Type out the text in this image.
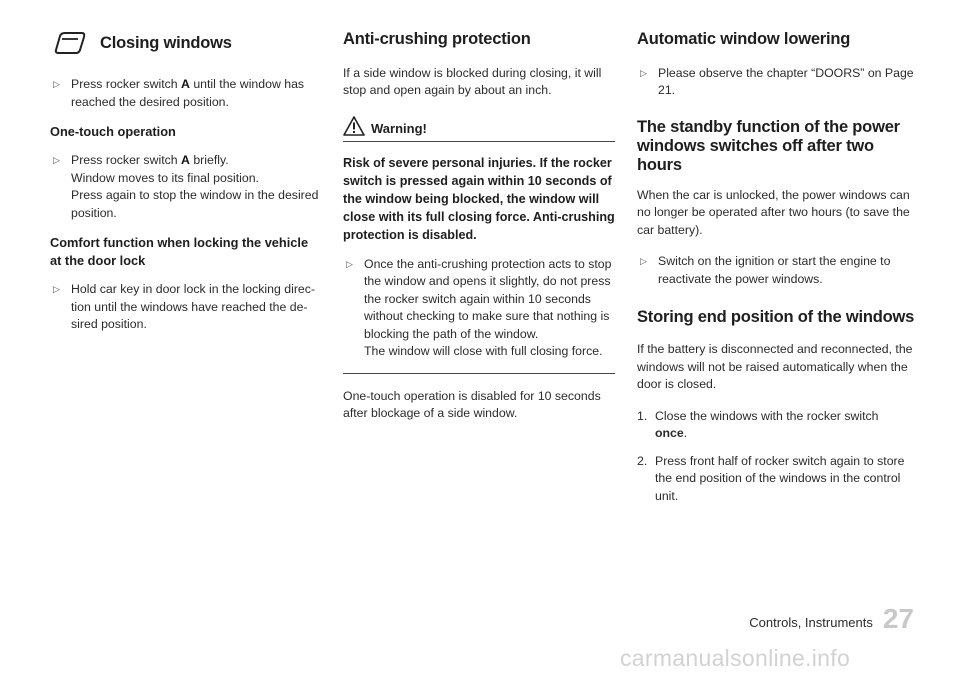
Closing windows
▷ Press rocker switch A until the window has
reached the desired position.
One-touch operation
▷ Press rocker switch A briefly.
Window moves to its final position.
Press again to stop the window in the desired
position.
Comfort function when locking the vehicle at the door lock
▷ Hold car key in door lock in the locking direc-
tion until the windows have reached the de-
sired position.
Anti-crushing protection

If a side window is blocked during closing, it will stop and open again by about an inch.

Warning!

Risk of severe personal injuries. If the rocker switch is pressed again within 10 seconds of the window being blocked, the window will close with its full closing force. Anti-crushing protection is disabled.

▷ Once the anti-crushing protection acts to stop
the window and opens it slightly, do not press
the rocker switch again within 10 seconds
without checking to make sure that nothing is
blocking the path of the window.
The window will close with full closing force.

One-touch operation is disabled for 10 seconds after blockage of a side window.

Automatic window lowering
▷ Please observe the chapter “DOORS” on Page
21.
The standby function of the power windows switches off after two hours

When the car is unlocked, the power windows can no longer be operated after two hours (to save the car battery).

▷ Switch on the ignition or start the engine to
reactivate the power windows.
Storing end position of the windows

If the battery is disconnected and reconnected, the windows will not be raised automatically when the door is closed.

1. Close the windows with the rocker switch
once.
2. Press front half of rocker switch again to store the end position of the windows in the control unit.
Controls, Instruments 27
carmanualsonline.info
